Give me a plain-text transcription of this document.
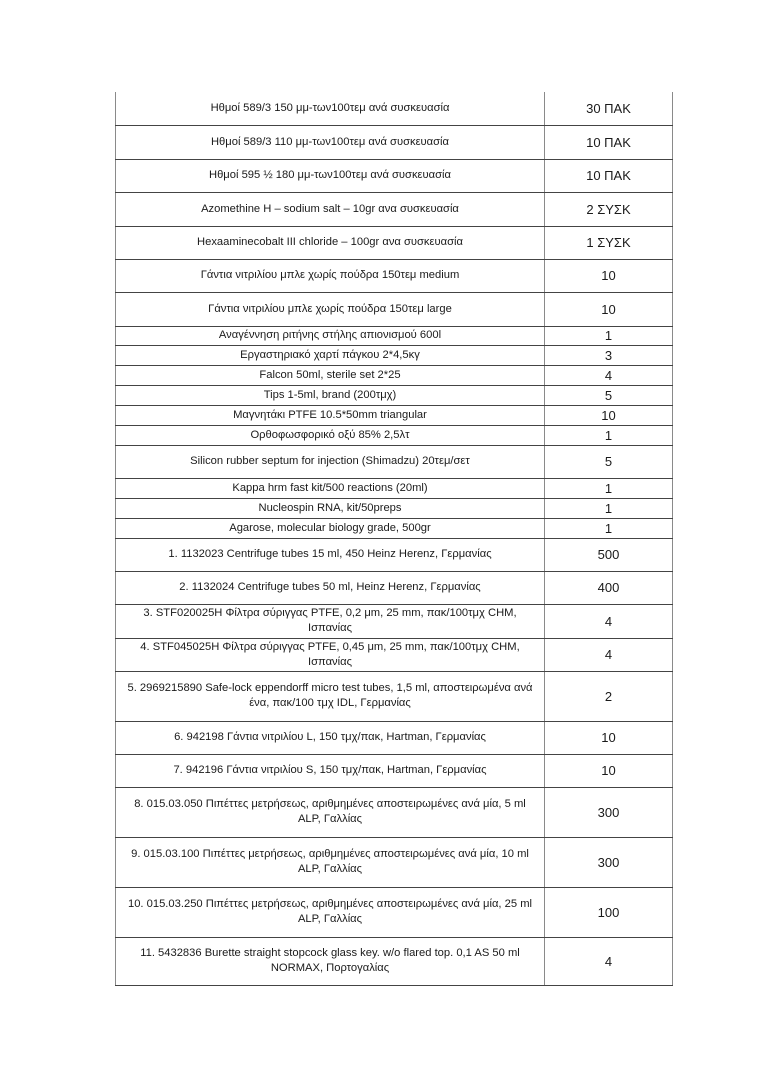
Ηθμοί 589/3 150 μμ-των100τεμ ανά συσκευασία	30 ΠΑΚ
Ηθμοί 589/3 110 μμ-των100τεμ ανά συσκευασία	10 ΠΑΚ
Ηθμοί 595 ½ 180 μμ-των100τεμ ανά συσκευασία	10 ΠΑΚ
Azomethine H – sodium salt – 10gr ανα συσκευασία	2 ΣΥΣΚ
Hexaaminecobalt III chloride – 100gr ανα συσκευασία	1 ΣΥΣΚ
Γάντια νιτριλίου μπλε χωρίς πούδρα 150τεμ medium	10
Γάντια νιτριλίου μπλε χωρίς πούδρα 150τεμ large	10
Αναγέννηση ριτήνης στήλης απιονισμού 600l	1
Εργαστηριακό χαρτί πάγκου 2*4,5κγ	3
Falcon 50ml, sterile set 2*25	4
Tips 1-5ml, brand (200τμχ)	5
Μαγνητάκι PTFE 10.5*50mm triangular	10
Ορθοφωσφορικό οξύ 85% 2,5λτ	1
Silicon rubber septum for injection (Shimadzu) 20τεμ/σετ	5
Kappa hrm fast kit/500 reactions (20ml)	1
Nucleospin RNA, kit/50preps	1
Agarose, molecular biology grade, 500gr	1
1. 1132023 Centrifuge tubes 15 ml, 450 Heinz Herenz, Γερμανίας	500
2. 1132024 Centrifuge tubes 50 ml, Heinz Herenz, Γερμανίας	400
3. STF020025H Φίλτρα σύριγγας PTFE, 0,2 μm, 25 mm, πακ/100τμχ CHM, Ισπανίας	4
4. STF045025H Φίλτρα σύριγγας PTFE, 0,45 μm, 25 mm, πακ/100τμχ CHM, Ισπανίας	4
5. 2969215890 Safe-lock eppendorff micro test tubes, 1,5 ml, αποστειρωμένα ανά ένα, πακ/100 τμχ IDL, Γερμανίας	2
6. 942198 Γάντια νιτριλίου L, 150 τμχ/πακ, Hartman, Γερμανίας	10
7. 942196 Γάντια νιτριλίου S, 150 τμχ/πακ, Hartman, Γερμανίας	10
8. 015.03.050 Πιπέττες μετρήσεως, αριθμημένες αποστειρωμένες ανά μία, 5 ml ALP, Γαλλίας	300
9. 015.03.100 Πιπέττες μετρήσεως, αριθμημένες αποστειρωμένες ανά μία, 10 ml ALP, Γαλλίας	300
10. 015.03.250 Πιπέττες μετρήσεως, αριθμημένες αποστειρωμένες ανά μία, 25 ml ALP, Γαλλίας	100
11. 5432836 Burette straight stopcock glass key. w/o flared top. 0,1 AS 50 ml NORMAX, Πορτογαλίας	4
